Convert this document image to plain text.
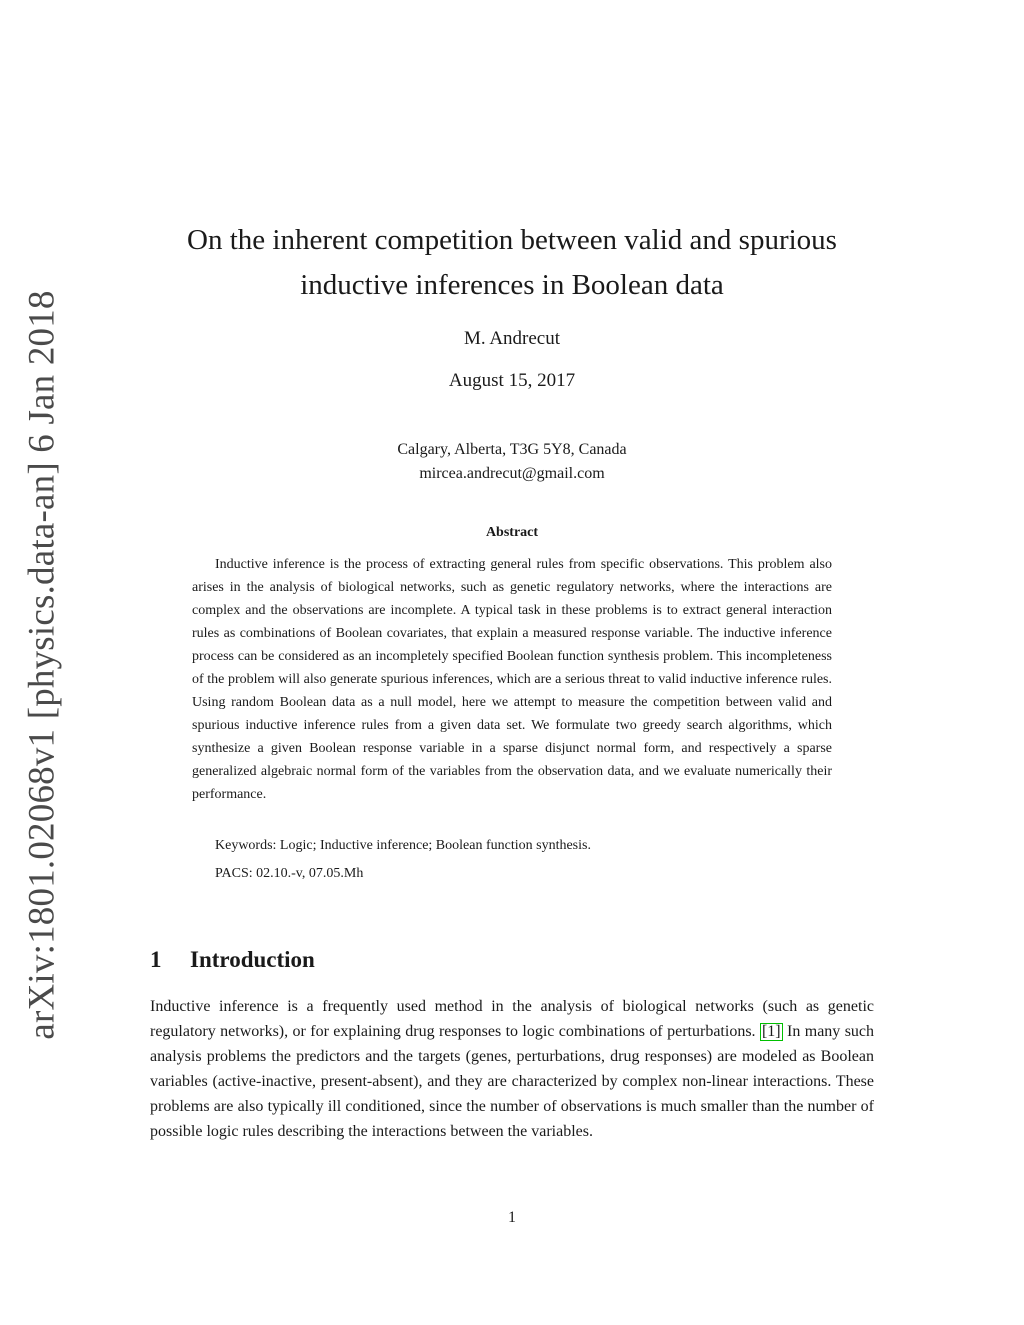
arXiv:1801.02068v1 [physics.data-an] 6 Jan 2018
On the inherent competition between valid and spurious
inductive inferences in Boolean data
M. Andrecut
August 15, 2017
Calgary, Alberta, T3G 5Y8, Canada
mircea.andrecut@gmail.com
Abstract

Inductive inference is the process of extracting general rules from specific observations. This problem also arises in the analysis of biological networks, such as genetic regulatory networks, where the interactions are complex and the observations are incomplete. A typical task in these problems is to extract general interaction rules as combinations of Boolean covariates, that explain a measured response variable. The inductive inference process can be considered as an incompletely specified Boolean function synthesis problem. This incompleteness of the problem will also generate spurious inferences, which are a serious threat to valid inductive inference rules. Using random Boolean data as a null model, here we attempt to measure the competition between valid and spurious inductive inference rules from a given data set. We formulate two greedy search algorithms, which synthesize a given Boolean response variable in a sparse disjunct normal form, and respectively a sparse generalized algebraic normal form of the variables from the observation data, and we evaluate numerically their performance.

Keywords: Logic; Inductive inference; Boolean function synthesis.
PACS: 02.10.-v, 07.05.Mh
1 Introduction

Inductive inference is a frequently used method in the analysis of biological networks (such as genetic regulatory networks), or for explaining drug responses to logic combinations of perturbations. [1] In many such analysis problems the predictors and the targets (genes, perturbations, drug responses) are modeled as Boolean variables (active-inactive, present-absent), and they are characterized by complex non-linear interactions. These problems are also typically ill conditioned, since the number of observations is much smaller than the number of possible logic rules describing the interactions between the variables.

1
